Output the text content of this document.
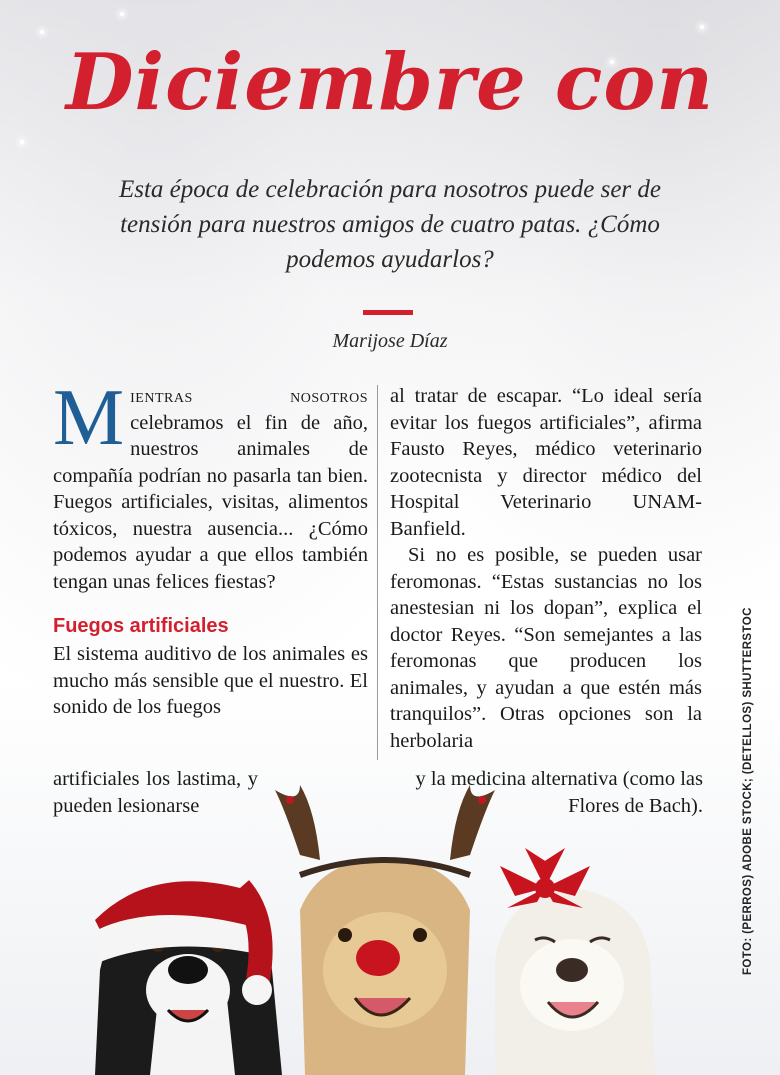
Diciembre con

Esta época de celebración para nosotros puede ser de tensión para nuestros amigos de cuatro patas. ¿Cómo podemos ayudarlos?

Marijose Díaz

Mientras nosotros celebramos el fin de año, nuestros animales de compañía podrían no pasarla tan bien. Fuegos artificiales, visitas, alimentos tóxicos, nuestra ausencia... ¿Cómo podemos ayudar a que ellos también tengan unas felices fiestas?

Fuegos artificiales

El sistema auditivo de los animales es mucho más sensible que el nuestro. El sonido de los fuegos

al tratar de escapar. “Lo ideal sería evitar los fuegos artificiales”, afirma Fausto Reyes, médico veterinario zootecnista y director médico del Hospital Veterinario UNAM-Banfield.

Si no es posible, se pueden usar feromonas. “Estas sustancias no los anestesian ni los dopan”, explica el doctor Reyes. “Son semejantes a las feromonas que producen los animales, y ayudan a que estén más tranquilos”. Otras opciones son la herbolaria

artificiales los lastima, y pueden lesionarse

y la medicina alternativa (como las Flores de Bach).	FOTO: (PERROS) ADOBE STOCK; (DETELLOS) SHUTTERSTOC
